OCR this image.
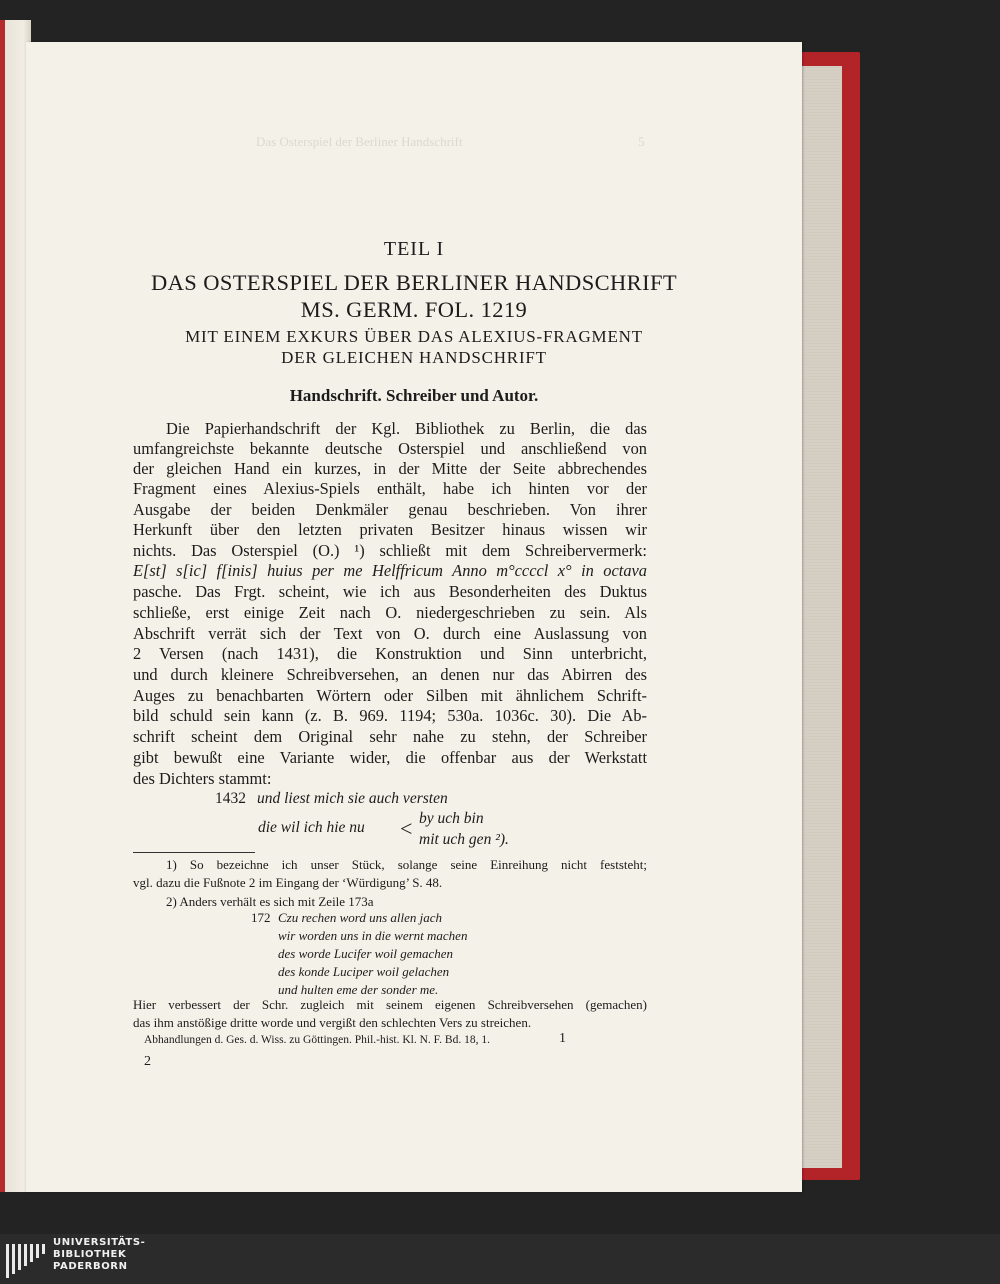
Das Osterspiel der Berliner Handschrift	5
TEIL I
DAS OSTERSPIEL DER BERLINER HANDSCHRIFT
MS. GERM. FOL. 1219
MIT EINEM EXKURS ÜBER DAS ALEXIUS-FRAGMENT
DER GLEICHEN HANDSCHRIFT
Handschrift. Schreiber und Autor.
Die Papierhandschrift der Kgl. Bibliothek zu Berlin, die das
umfangreichste bekannte deutsche Osterspiel und anschließend von
der gleichen Hand ein kurzes, in der Mitte der Seite abbrechendes
Fragment eines Alexius-Spiels enthält, habe ich hinten vor der
Ausgabe der beiden Denkmäler genau beschrieben. Von ihrer
Herkunft über den letzten privaten Besitzer hinaus wissen wir
nichts. Das Osterspiel (O.) ¹) schließt mit dem Schreibervermerk:
E[st] s[ic] f[inis] huius per me Helffricum Anno m°ccccl x° in octava
pasche. Das Frgt. scheint, wie ich aus Besonderheiten des Duktus
schließe, erst einige Zeit nach O. niedergeschrieben zu sein. Als
Abschrift verrät sich der Text von O. durch eine Auslassung von
2 Versen (nach 1431), die Konstruktion und Sinn unterbricht,
und durch kleinere Schreibversehen, an denen nur das Abirren des
Auges zu benachbarten Wörtern oder Silben mit ähnlichem Schrift-
bild schuld sein kann (z. B. 969. 1194; 530a. 1036c. 30). Die Ab-
schrift scheint dem Original sehr nahe zu stehn, der Schreiber
gibt bewußt eine Variante wider, die offenbar aus der Werkstatt
des Dichters stammt:
1432 und liest mich sie auch versten
die wil ich hie nu < by uch bin
mit uch gen ²).
1) So bezeichne ich unser Stück, solange seine Einreihung nicht feststeht;
vgl. dazu die Fußnote 2 im Eingang der ‘Würdigung’ S. 48.
2) Anders verhält es sich mit Zeile 173a
172 Czu rechen word uns allen jach
wir worden uns in die wernt machen
des worde Lucifer woil gemachen
des konde Luciper woil gelachen
und hulten eme der sonder me.
Hier verbessert der Schr. zugleich mit seinem eigenen Schreibversehen (gemachen)
das ihm anstößige dritte worde und vergißt den schlechten Vers zu streichen.
Abhandlungen d. Ges. d. Wiss. zu Göttingen. Phil.-hist. Kl. N. F. Bd. 18, 1.	1
2
UNIVERSITÄTS-
BIBLIOTHEK
PADERBORN
